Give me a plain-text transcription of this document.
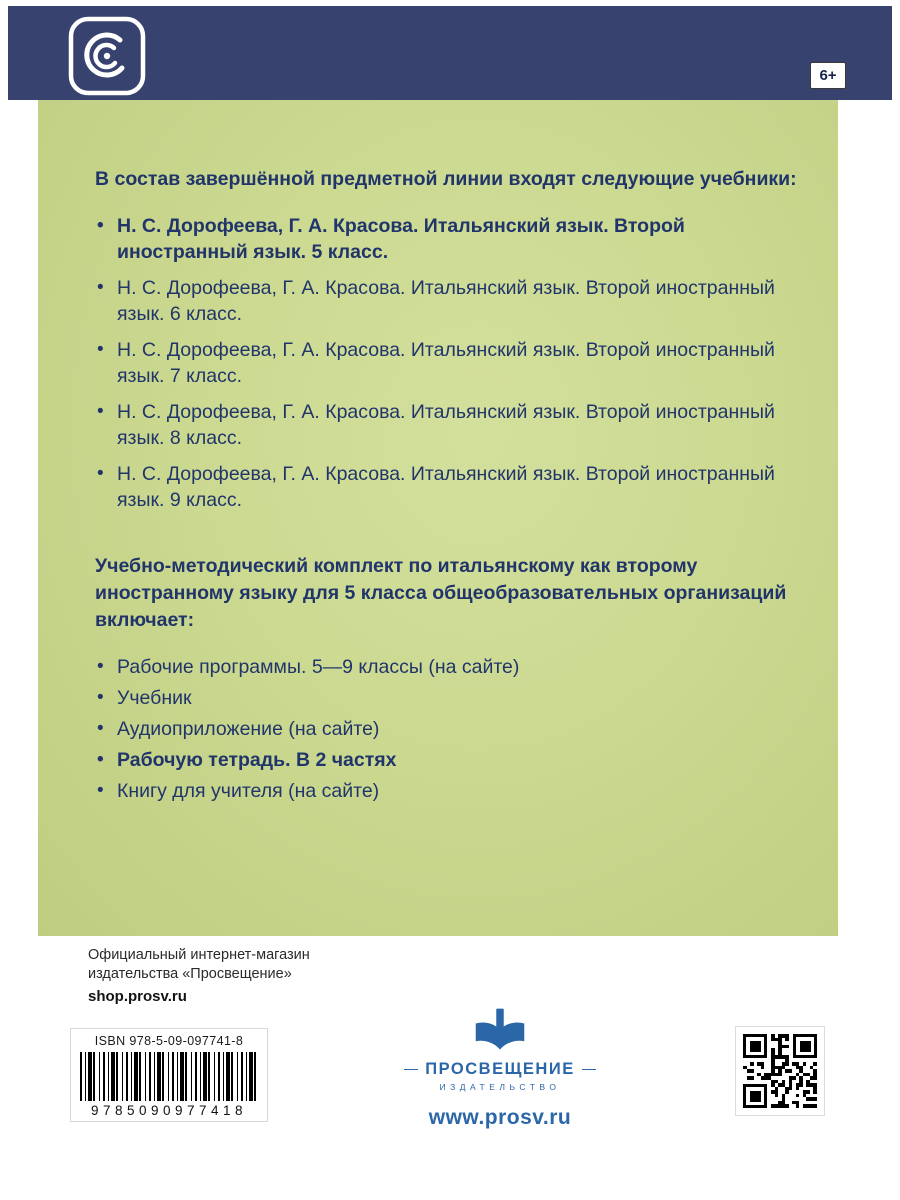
6+

В состав завершённой предметной линии входят следующие учебники:

• Н. С. Дорофеева, Г. А. Красова. Итальянский язык. Второй иностранный язык. 5 класс.
• Н. С. Дорофеева, Г. А. Красова. Итальянский язык. Второй иностранный язык. 6 класс.
• Н. С. Дорофеева, Г. А. Красова. Итальянский язык. Второй иностранный язык. 7 класс.
• Н. С. Дорофеева, Г. А. Красова. Итальянский язык. Второй иностранный язык. 8 класс.
• Н. С. Дорофеева, Г. А. Красова. Итальянский язык. Второй иностранный язык. 9 класс.

Учебно-методический комплект по итальянскому как второму иностранному языку для 5 класса общеобразовательных организаций включает:

• Рабочие программы. 5—9 классы (на сайте)
• Учебник
• Аудиоприложение (на сайте)
• Рабочую тетрадь. В 2 частях
• Книгу для учителя (на сайте)
Официальный интернет-магазин
издательства «Просвещение»
shop.prosv.ru
ISBN 978-5-09-097741-8
9785090977418
ПРОСВЕЩЕНИЕ
ИЗДАТЕЛЬСТВО
www.prosv.ru
